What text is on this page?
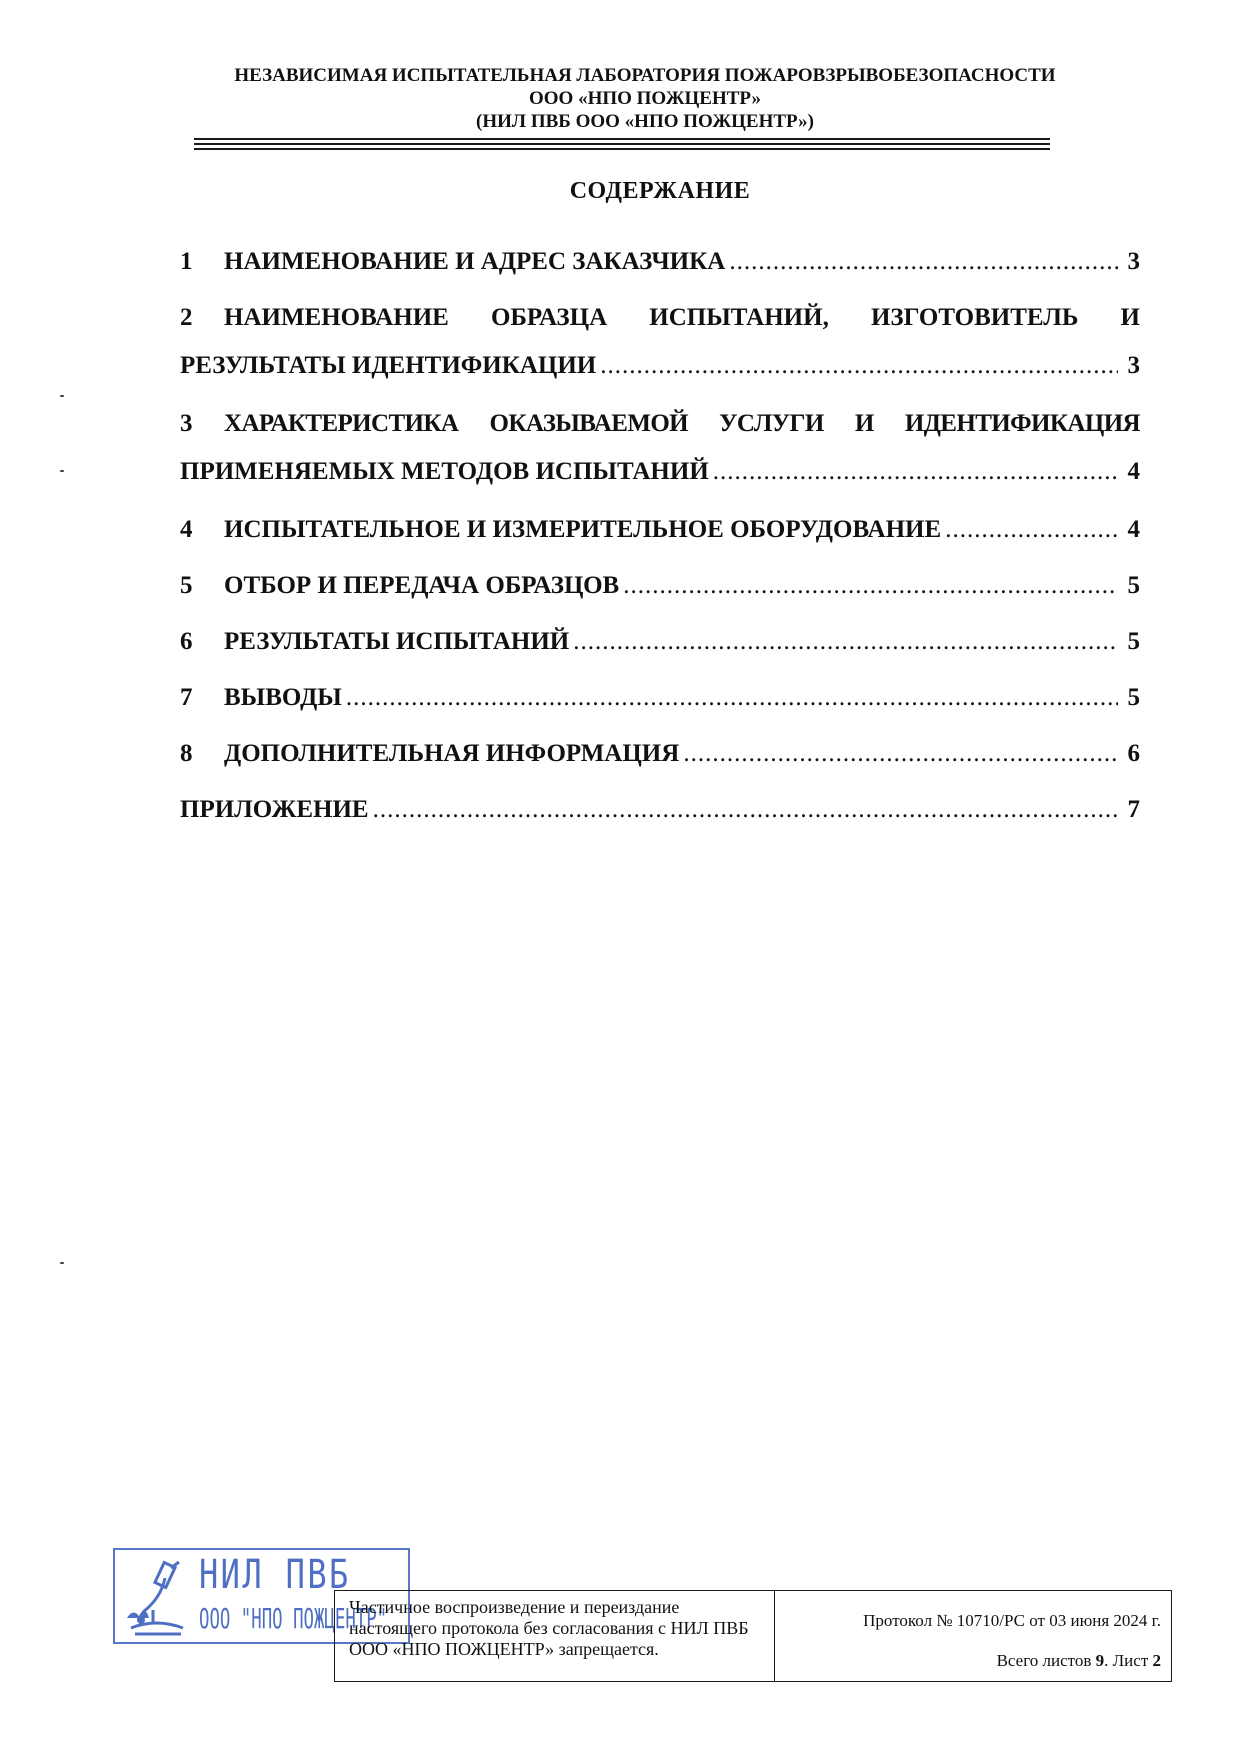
НЕЗАВИСИМАЯ ИСПЫТАТЕЛЬНАЯ ЛАБОРАТОРИЯ ПОЖАРОВЗРЫВОБЕЗОПАСНОСТИ
ООО «НПО ПОЖЦЕНТР»
(НИЛ ПВБ ООО «НПО ПОЖЦЕНТР»)
СОДЕРЖАНИЕ
1	НАИМЕНОВАНИЕ И АДРЕС ЗАКАЗЧИКА .....	3
2	НАИМЕНОВАНИЕ ОБРАЗЦА ИСПЫТАНИЙ, ИЗГОТОВИТЕЛЬ И
РЕЗУЛЬТАТЫ ИДЕНТИФИКАЦИИ .....	3
3	ХАРАКТЕРИСТИКА ОКАЗЫВАЕМОЙ УСЛУГИ И ИДЕНТИФИКАЦИЯ
ПРИМЕНЯЕМЫХ МЕТОДОВ ИСПЫТАНИЙ .....	4
4	ИСПЫТАТЕЛЬНОЕ И ИЗМЕРИТЕЛЬНОЕ ОБОРУДОВАНИЕ .....	4
5	ОТБОР И ПЕРЕДАЧА ОБРАЗЦОВ .....	5
6	РЕЗУЛЬТАТЫ ИСПЫТАНИЙ .....	5
7	ВЫВОДЫ .....	5
8	ДОПОЛНИТЕЛЬНАЯ ИНФОРМАЦИЯ .....	6
ПРИЛОЖЕНИЕ .....	7
НИЛ ПВБ
ООО "НПО ПОЖЦЕНТР"
Частичное воспроизведение и переиздание настоящего протокола без согласования с НИЛ ПВБ ООО «НПО ПОЖЦЕНТР» запрещается.
Протокол № 10710/РС от 03 июня 2024 г.
Всего листов 9. Лист 2
